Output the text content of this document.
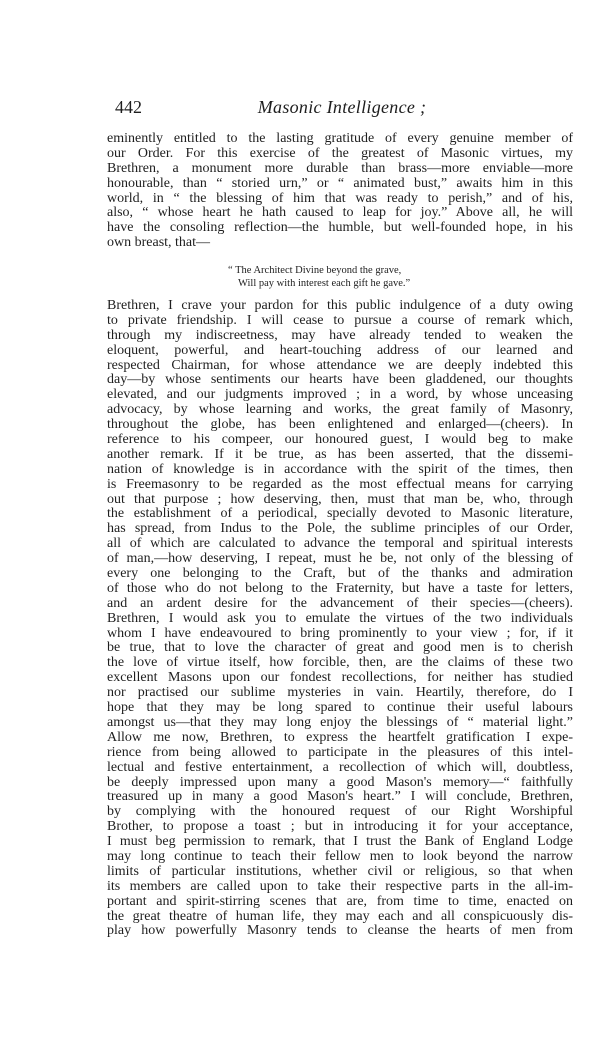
442	Masonic Intelligence ;
eminently entitled to the lasting gratitude of every genuine member of
our Order. For this exercise of the greatest of Masonic virtues, my
Brethren, a monument more durable than brass—more enviable—more
honourable, than “ storied urn,” or “ animated bust,” awaits him in this
world, in “ the blessing of him that was ready to perish,” and of his,
also, “ whose heart he hath caused to leap for joy.” Above all, he will
have the consoling reflection—the humble, but well-founded hope, in his
own breast, that—
“ The Architect Divine beyond the grave,
Will pay with interest each gift he gave.”
Brethren, I crave your pardon for this public indulgence of a duty owing
to private friendship. I will cease to pursue a course of remark which,
through my indiscreetness, may have already tended to weaken the
eloquent, powerful, and heart-touching address of our learned and
respected Chairman, for whose attendance we are deeply indebted this
day—by whose sentiments our hearts have been gladdened, our thoughts
elevated, and our judgments improved ; in a word, by whose unceasing
advocacy, by whose learning and works, the great family of Masonry,
throughout the globe, has been enlightened and enlarged—(cheers). In
reference to his compeer, our honoured guest, I would beg to make
another remark. If it be true, as has been asserted, that the dissemi-
nation of knowledge is in accordance with the spirit of the times, then
is Freemasonry to be regarded as the most effectual means for carrying
out that purpose ; how deserving, then, must that man be, who, through
the establishment of a periodical, specially devoted to Masonic literature,
has spread, from Indus to the Pole, the sublime principles of our Order,
all of which are calculated to advance the temporal and spiritual interests
of man,—how deserving, I repeat, must he be, not only of the blessing of
every one belonging to the Craft, but of the thanks and admiration
of those who do not belong to the Fraternity, but have a taste for letters,
and an ardent desire for the advancement of their species—(cheers).
Brethren, I would ask you to emulate the virtues of the two individuals
whom I have endeavoured to bring prominently to your view ; for, if it
be true, that to love the character of great and good men is to cherish
the love of virtue itself, how forcible, then, are the claims of these two
excellent Masons upon our fondest recollections, for neither has studied
nor practised our sublime mysteries in vain. Heartily, therefore, do I
hope that they may be long spared to continue their useful labours
amongst us—that they may long enjoy the blessings of “ material light.”
Allow me now, Brethren, to express the heartfelt gratification I expe-
rience from being allowed to participate in the pleasures of this intel-
lectual and festive entertainment, a recollection of which will, doubtless,
be deeply impressed upon many a good Mason's memory—“ faithfully
treasured up in many a good Mason's heart.” I will conclude, Brethren,
by complying with the honoured request of our Right Worshipful
Brother, to propose a toast ; but in introducing it for your acceptance,
I must beg permission to remark, that I trust the Bank of England Lodge
may long continue to teach their fellow men to look beyond the narrow
limits of particular institutions, whether civil or religious, so that when
its members are called upon to take their respective parts in the all-im-
portant and spirit-stirring scenes that are, from time to time, enacted on
the great theatre of human life, they may each and all conspicuously dis-
play how powerfully Masonry tends to cleanse the hearts of men from
